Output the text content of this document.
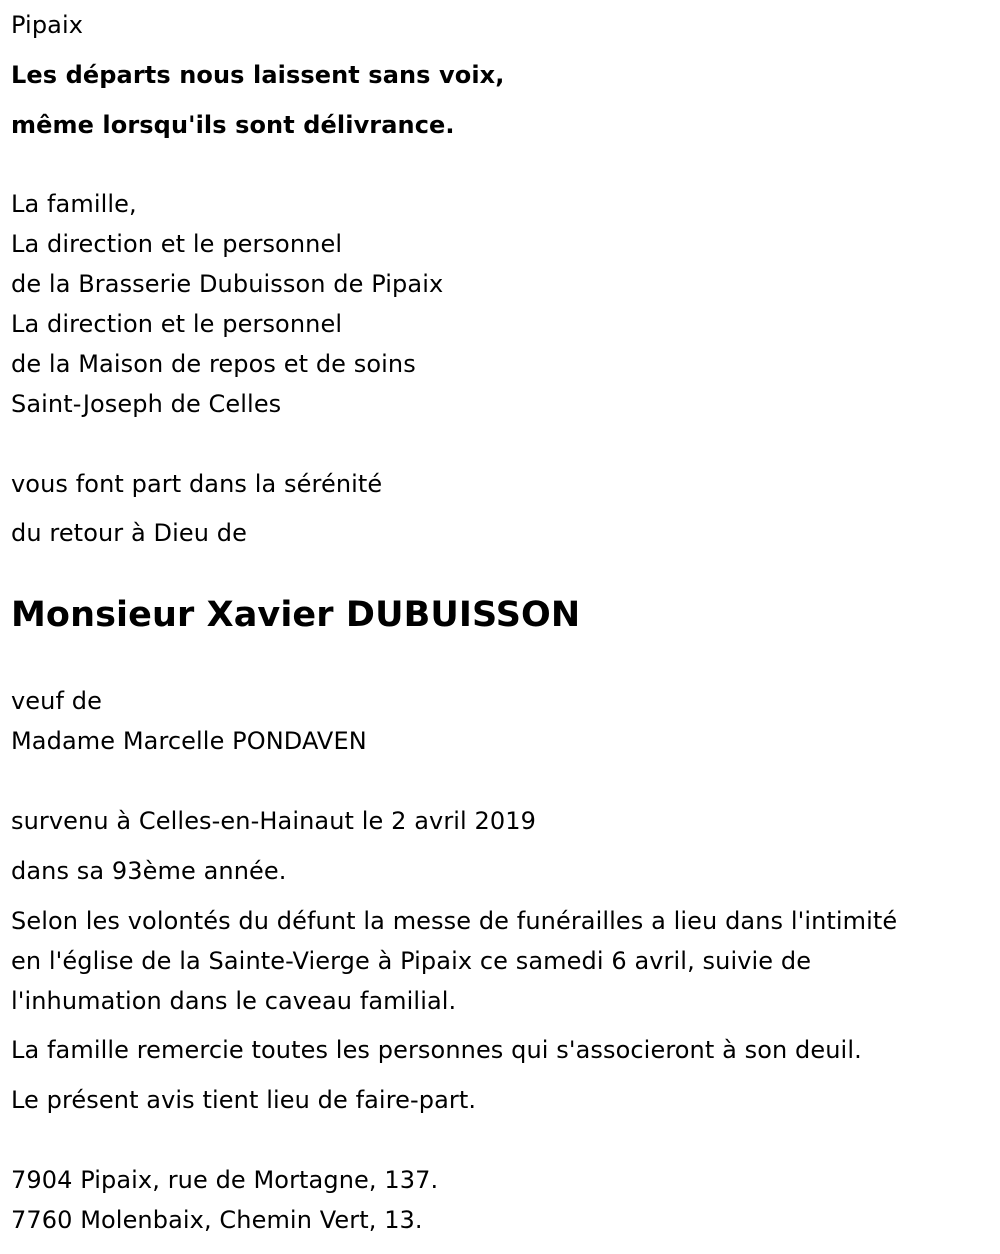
Pipaix
Les départs nous laissent sans voix,
même lorsqu'ils sont délivrance.
La famille,
La direction et le personnel
de la Brasserie Dubuisson de Pipaix
La direction et le personnel
de la Maison de repos et de soins
Saint-Joseph de Celles
vous font part dans la sérénité
du retour à Dieu de
Monsieur Xavier DUBUISSON
veuf de
Madame Marcelle PONDAVEN
survenu à Celles-en-Hainaut le 2 avril 2019
dans sa 93ème année.
Selon les volontés du défunt la messe de funérailles a lieu dans l'intimité
en l'église de la Sainte-Vierge à Pipaix ce samedi 6 avril, suivie de
l'inhumation dans le caveau familial.
La famille remercie toutes les personnes qui s'associeront à son deuil.
Le présent avis tient lieu de faire-part.
7904 Pipaix, rue de Mortagne, 137.
7760 Molenbaix, Chemin Vert, 13.
